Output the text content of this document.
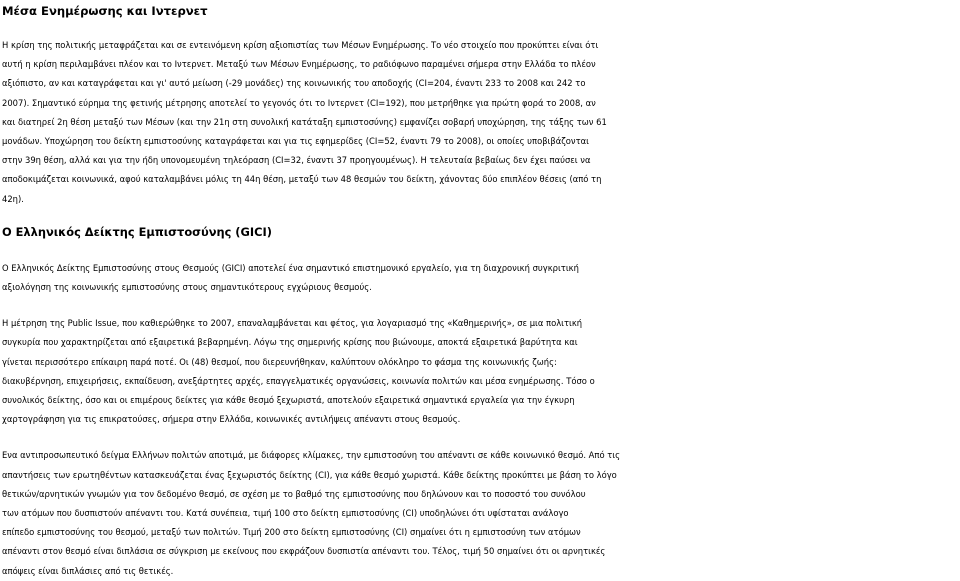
Μέσα Ενημέρωσης και Ιντερνετ

Η κρίση της πολιτικής μεταφράζεται και σε εντεινόμενη κρίση αξιοπιστίας των Μέσων Ενημέρωσης. Το νέο στοιχείο που προκύπτει είναι ότι
αυτή η κρίση περιλαμβάνει πλέον και το Ιντερνετ. Μεταξύ των Μέσων Ενημέρωσης, το ραδιόφωνο παραμένει σήμερα στην Ελλάδα το πλέον
αξιόπιστο, αν και καταγράφεται και γι' αυτό μείωση (-29 μονάδες) της κοινωνικής του αποδοχής (CI=204, έναντι 233 το 2008 και 242 το
2007). Σημαντικό εύρημα της φετινής μέτρησης αποτελεί το γεγονός ότι το Ιντερνετ (CI=192), που μετρήθηκε για πρώτη φορά το 2008, αν
και διατηρεί 2η θέση μεταξύ των Μέσων (και την 21η στη συνολική κατάταξη εμπιστοσύνης) εμφανίζει σοβαρή υποχώρηση, της τάξης των 61
μονάδων. Υποχώρηση του δείκτη εμπιστοσύνης καταγράφεται και για τις εφημερίδες (CI=52, έναντι 79 το 2008), οι οποίες υποβιβάζονται
στην 39η θέση, αλλά και για την ήδη υπονομευμένη τηλεόραση (CI=32, έναντι 37 προηγουμένως). Η τελευταία βεβαίως δεν έχει παύσει να
αποδοκιμάζεται κοινωνικά, αφού καταλαμβάνει μόλις τη 44η θέση, μεταξύ των 48 θεσμών του δείκτη, χάνοντας δύο επιπλέον θέσεις (από τη
42η).

Ο Ελληνικός Δείκτης Εμπιστοσύνης (GICI)

Ο Ελληνικός Δείκτης Εμπιστοσύνης στους Θεσμούς (GICI) αποτελεί ένα σημαντικό επιστημονικό εργαλείο, για τη διαχρονική συγκριτική
αξιολόγηση της κοινωνικής εμπιστοσύνης στους σημαντικότερους εγχώριους θεσμούς.

Η μέτρηση της Public Issue, που καθιερώθηκε το 2007, επαναλαμβάνεται και φέτος, για λογαριασμό της «Καθημερινής», σε μια πολιτική
συγκυρία που χαρακτηρίζεται από εξαιρετικά βεβαρημένη. Λόγω της σημερινής κρίσης που βιώνουμε, αποκτά εξαιρετικά βαρύτητα και
γίνεται περισσότερο επίκαιρη παρά ποτέ. Οι (48) θεσμοί, που διερευνήθηκαν, καλύπτουν ολόκληρο το φάσμα της κοινωνικής ζωής:
διακυβέρνηση, επιχειρήσεις, εκπαίδευση, ανεξάρτητες αρχές, επαγγελματικές οργανώσεις, κοινωνία πολιτών και μέσα ενημέρωσης. Τόσο ο
συνολικός δείκτης, όσο και οι επιμέρους δείκτες για κάθε θεσμό ξεχωριστά, αποτελούν εξαιρετικά σημαντικά εργαλεία για την έγκυρη
χαρτογράφηση για τις επικρατούσες, σήμερα στην Ελλάδα, κοινωνικές αντιλήψεις απέναντι στους θεσμούς.

Ενα αντιπροσωπευτικό δείγμα Ελλήνων πολιτών αποτιμά, με διάφορες κλίμακες, την εμπιστοσύνη του απέναντι σε κάθε κοινωνικό θεσμό. Από τις
απαντήσεις των ερωτηθέντων κατασκευάζεται ένας ξεχωριστός δείκτης (CI), για κάθε θεσμό χωριστά. Κάθε δείκτης προκύπτει με βάση το λόγο
θετικών/αρνητικών γνωμών για τον δεδομένο θεσμό, σε σχέση με το βαθμό της εμπιστοσύνης που δηλώνουν και το ποσοστό του συνόλου
των ατόμων που δυσπιστούν απέναντι του. Κατά συνέπεια, τιμή 100 στο δείκτη εμπιστοσύνης (CI) υποδηλώνει ότι υφίσταται ανάλογο
επίπεδο εμπιστοσύνης του θεσμού, μεταξύ των πολιτών. Τιμή 200 στο δείκτη εμπιστοσύνης (CI) σημαίνει ότι η εμπιστοσύνη των ατόμων
απέναντι στον θεσμό είναι διπλάσια σε σύγκριση με εκείνους που εκφράζουν δυσπιστία απέναντι του. Τέλος, τιμή 50 σημαίνει ότι οι αρνητικές
απόψεις είναι διπλάσιες από τις θετικές.
